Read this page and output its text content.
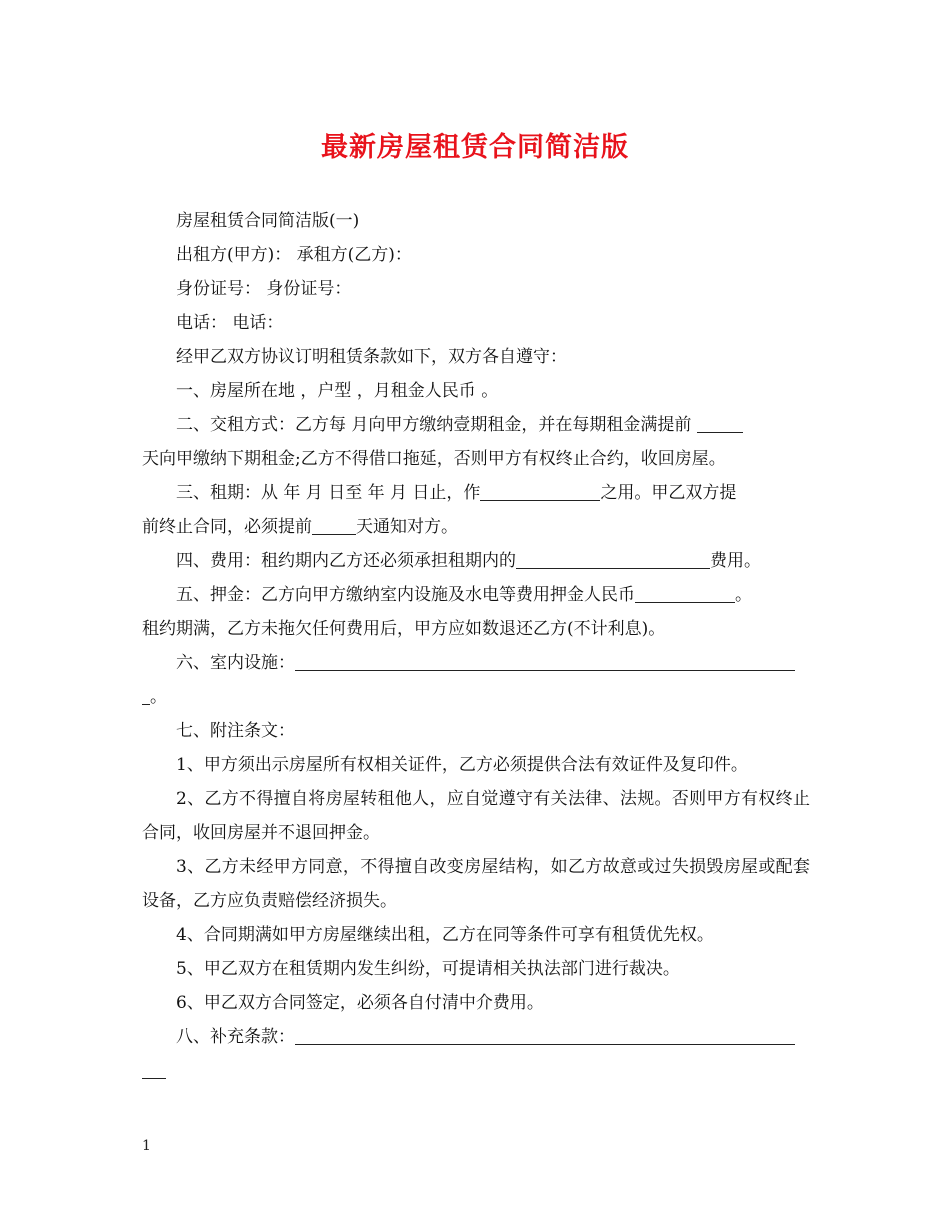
最新房屋租赁合同简洁版

房屋租赁合同简洁版(一)

出租方(甲方)： 承租方(乙方)：

身份证号： 身份证号：

电话： 电话：

经甲乙双方协议订明租赁条款如下，双方各自遵守：

一、房屋所在地 ，户型 ，月租金人民币 。

二、交租方式：乙方每 月向甲方缴纳壹期租金，并在每期租金满提前

天向甲缴纳下期租金;乙方不得借口拖延，否则甲方有权终止合约，收回房屋。

三、租期：从 年 月 日至 年 月 日止，作	之用。甲乙双方提

前终止合同，必须提前	天通知对方。

四、费用：租约期内乙方还必须承担租期内的	费用。

五、押金：乙方向甲方缴纳室内设施及水电等费用押金人民币	。

租约期满，乙方未拖欠任何费用后，甲方应如数退还乙方(不计利息)。

六、室内设施：

。

七、附注条文：

1、甲方须出示房屋所有权相关证件，乙方必须提供合法有效证件及复印件。

2、乙方不得擅自将房屋转租他人，应自觉遵守有关法律、法规。否则甲方有权终止合同，收回房屋并不退回押金。

3、乙方未经甲方同意，不得擅自改变房屋结构，如乙方故意或过失损毁房屋或配套设备，乙方应负责赔偿经济损失。

4、合同期满如甲方房屋继续出租，乙方在同等条件可享有租赁优先权。

5、甲乙双方在租赁期内发生纠纷，可提请相关执法部门进行裁决。

6、甲乙双方合同签定，必须各自付清中介费用。

八、补充条款：

1
